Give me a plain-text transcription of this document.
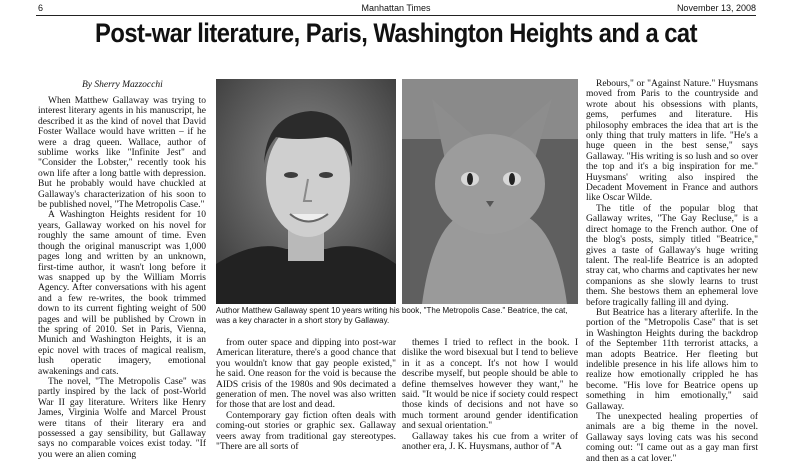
6	Manhattan Times	November 13, 2008
Post-war literature, Paris, Washington Heights and a cat
By Sherry Mazzocchi

When Matthew Gallaway was trying to interest literary agents in his manuscript, he described it as the kind of novel that David Foster Wallace would have written – if he were a drag queen. Wallace, author of sublime works like "Infinite Jest" and "Consider the Lobster," recently took his own life after a long battle with depression. But he probably would have chuckled at Gallaway's characterization of his soon to be published novel, "The Metropolis Case."

A Washington Heights resident for 10 years, Gallaway worked on his novel for roughly the same amount of time. Even though the original manuscript was 1,000 pages long and written by an unknown, first-time author, it wasn't long before it was snapped up by the William Morris Agency. After conversations with his agent and a few re-writes, the book trimmed down to its current fighting weight of 500 pages and will be published by Crown in the spring of 2010. Set in Paris, Vienna, Munich and Washington Heights, it is an epic novel with traces of magical realism, lush operatic imagery, emotional awakenings and cats.

The novel, "The Metropolis Case" was partly inspired by the lack of post-World War II gay literature. Writers like Henry James, Virginia Wolfe and Marcel Proust were titans of their literary era and possessed a gay sensibility, but Gallaway says no comparable voices exist today. "If you were an alien coming

Author Matthew Gallaway spent 10 years writing his book, "The Metropolis Case." Beatrice, the cat, was a key character in a short story by Gallaway.

from outer space and dipping into post-war American literature, there's a good chance that you wouldn't know that gay people existed," he said. One reason for the void is because the AIDS crisis of the 1980s and 90s decimated a generation of men. The novel was also written for those that are lost and dead.

Contemporary gay fiction often deals with coming-out stories or graphic sex. Gallaway veers away from traditional gay stereotypes. "There are all sorts of

themes I tried to reflect in the book. I dislike the word bisexual but I tend to believe in it as a concept. It's not how I would describe myself, but people should be able to define themselves however they want," he said. "It would be nice if society could respect those kinds of decisions and not have so much torment around gender identification and sexual orientation."

Gallaway takes his cue from a writer of another era, J. K. Huysmans, author of "A

Rebours," or "Against Nature." Huysmans moved from Paris to the countryside and wrote about his obsessions with plants, gems, perfumes and literature. His philosophy embraces the idea that art is the only thing that truly matters in life. "He's a huge queen in the best sense," says Gallaway. "His writing is so lush and so over the top and it's a big inspiration for me." Huysmans' writing also inspired the Decadent Movement in France and authors like Oscar Wilde.

The title of the popular blog that Gallaway writes, "The Gay Recluse," is a direct homage to the French author. One of the blog's posts, simply titled "Beatrice," gives a taste of Gallaway's huge writing talent. The real-life Beatrice is an adopted stray cat, who charms and captivates her new companions as she slowly learns to trust them. She bestows them an ephemeral love before tragically falling ill and dying.

But Beatrice has a literary afterlife. In the portion of the "Metropolis Case" that is set in Washington Heights during the backdrop of the September 11th terrorist attacks, a man adopts Beatrice. Her fleeting but indelible presence in his life allows him to realize how emotionally crippled he has become. "His love for Beatrice opens up something in him emotionally," said Gallaway.

The unexpected healing properties of animals are a big theme in the novel. Gallaway says loving cats was his second coming out: "I came out as a gay man first and then as a cat lover."
